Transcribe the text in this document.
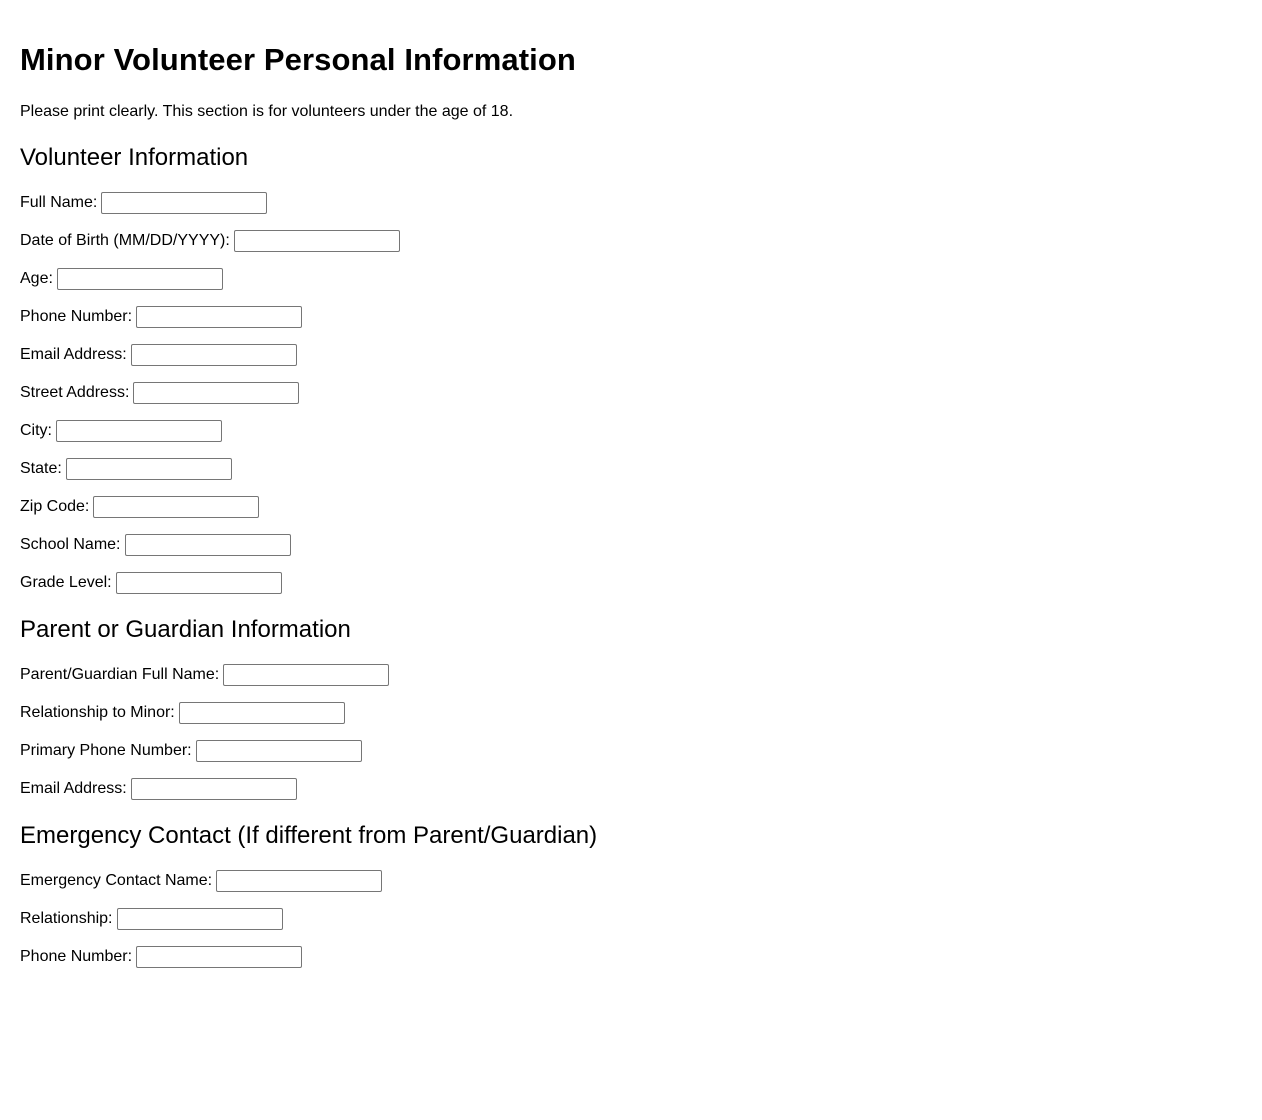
Minor Volunteer Personal Information

Please print clearly. This section is for volunteers under the age of 18.

Volunteer Information
Full Name:
Date of Birth (MM/DD/YYYY):
Age:
Phone Number:
Email Address:
Street Address:
City:
State:
Zip Code:
School Name:
Grade Level:
Parent or Guardian Information
Parent/Guardian Full Name:
Relationship to Minor:
Primary Phone Number:
Email Address:
Emergency Contact (If different from Parent/Guardian)
Emergency Contact Name:
Relationship:
Phone Number:
